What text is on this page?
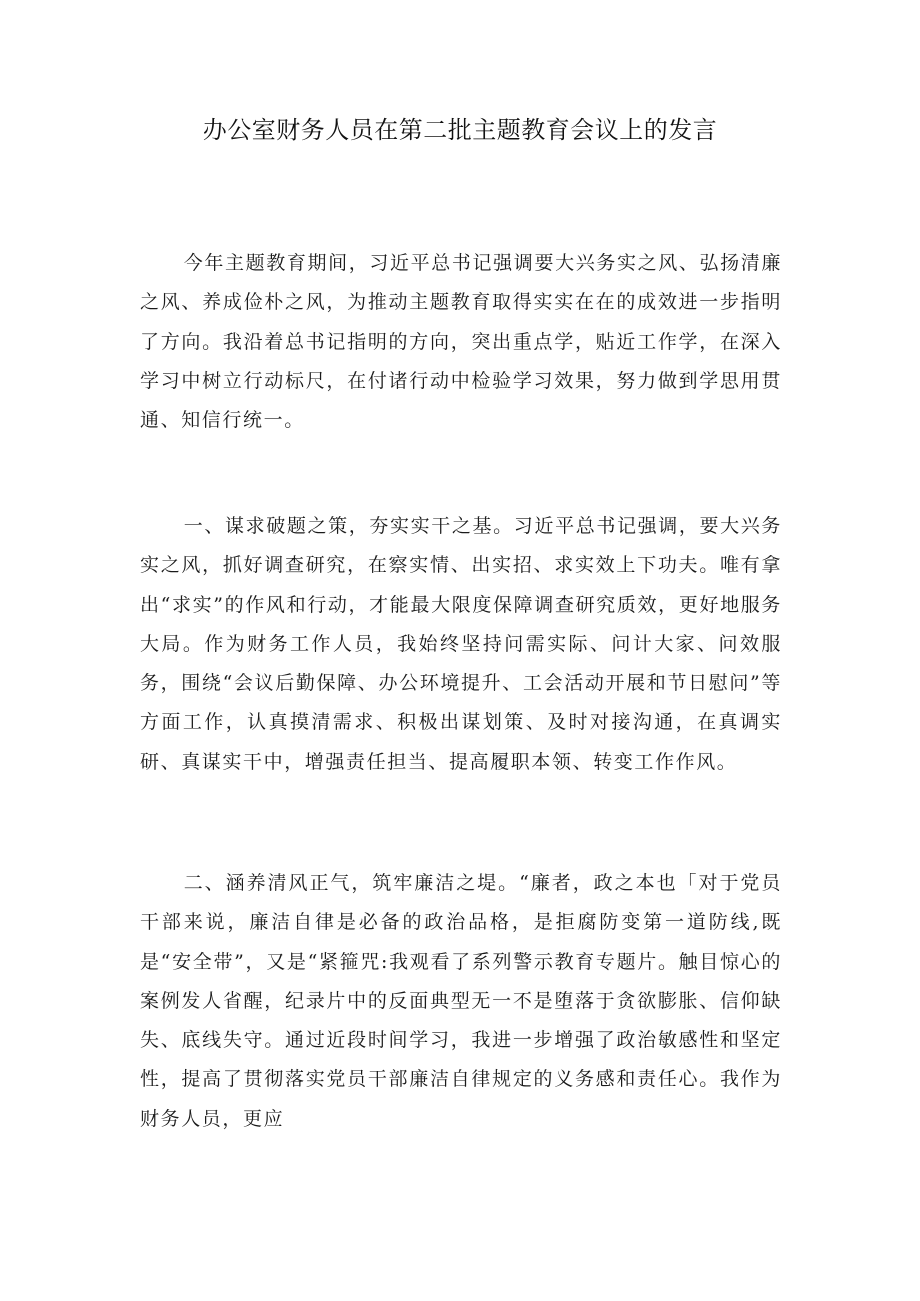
办公室财务人员在第二批主题教育会议上的发言

今年主题教育期间，习近平总书记强调要大兴务实之风、弘扬清廉之风、养成俭朴之风，为推动主题教育取得实实在在的成效进一步指明了方向。我沿着总书记指明的方向，突出重点学，贴近工作学，在深入学习中树立行动标尺，在付诸行动中检验学习效果，努力做到学思用贯通、知信行统一。

一、谋求破题之策，夯实实干之基。习近平总书记强调，要大兴务实之风，抓好调查研究，在察实情、出实招、求实效上下功夫。唯有拿出“求实”的作风和行动，才能最大限度保障调查研究质效，更好地服务大局。作为财务工作人员，我始终坚持问需实际、问计大家、问效服务，围绕“会议后勤保障、办公环境提升、工会活动开展和节日慰问”等方面工作，认真摸清需求、积极出谋划策、及时对接沟通，在真调实研、真谋实干中，增强责任担当、提高履职本领、转变工作作风。

二、涵养清风正气，筑牢廉洁之堤。“廉者，政之本也「对于党员干部来说，廉洁自律是必备的政治品格，是拒腐防变第一道防线,既是“安全带”，又是“紧箍咒:我观看了系列警示教育专题片。触目惊心的案例发人省醒，纪录片中的反面典型无一不是堕落于贪欲膨胀、信仰缺失、底线失守。通过近段时间学习，我进一步增强了政治敏感性和坚定性，提高了贯彻落实党员干部廉洁自律规定的义务感和责任心。我作为财务人员，更应
